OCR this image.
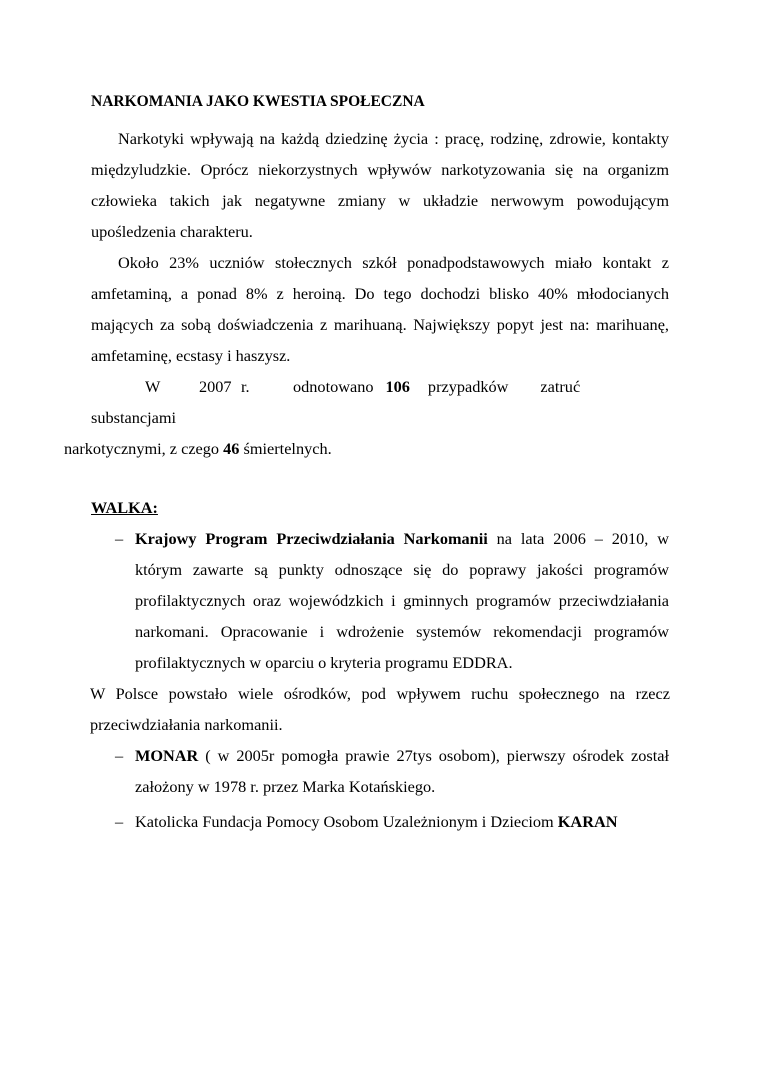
NARKOMANIA JAKO KWESTIA SPOŁECZNA

Narkotyki wpływają na każdą dziedzinę życia : pracę, rodzinę, zdrowie, kontakty międzyludzkie. Oprócz niekorzystnych wpływów narkotyzowania się na organizm człowieka takich jak negatywne zmiany w układzie nerwowym powodującym upośledzenia charakteru.

Około 23% uczniów stołecznych szkół ponadpodstawowych miało kontakt z amfetaminą, a ponad 8% z heroiną. Do tego dochodzi blisko 40% młodocianych mających za sobą doświadczenia z marihuaną. Największy popyt jest na: marihuanę, amfetaminę, ecstasy i haszysz.

W 2007 r.	odnotowano 106 przypadków zatrućsubstancjami
narkotycznymi, z czego 46 śmiertelnych.

WALKA:

– Krajowy Program Przeciwdziałania Narkomanii na lata 2006 – 2010, w którym zawarte są punkty odnoszące się do poprawy jakości programów profilaktycznych oraz wojewódzkich i gminnych programów przeciwdziałania narkomani. Opracowanie i wdrożenie systemów rekomendacji programów profilaktycznych w oparciu o kryteria programu EDDRA.

W Polsce powstało wiele ośrodków, pod wpływem ruchu społecznego na rzecz przeciwdziałania narkomanii.

– MONAR ( w 2005r pomogła prawie 27tys osobom), pierwszy ośrodek został założony w 1978 r. przez Marka Kotańskiego.

– Katolicka Fundacja Pomocy Osobom Uzależnionym i Dzieciom KARAN
